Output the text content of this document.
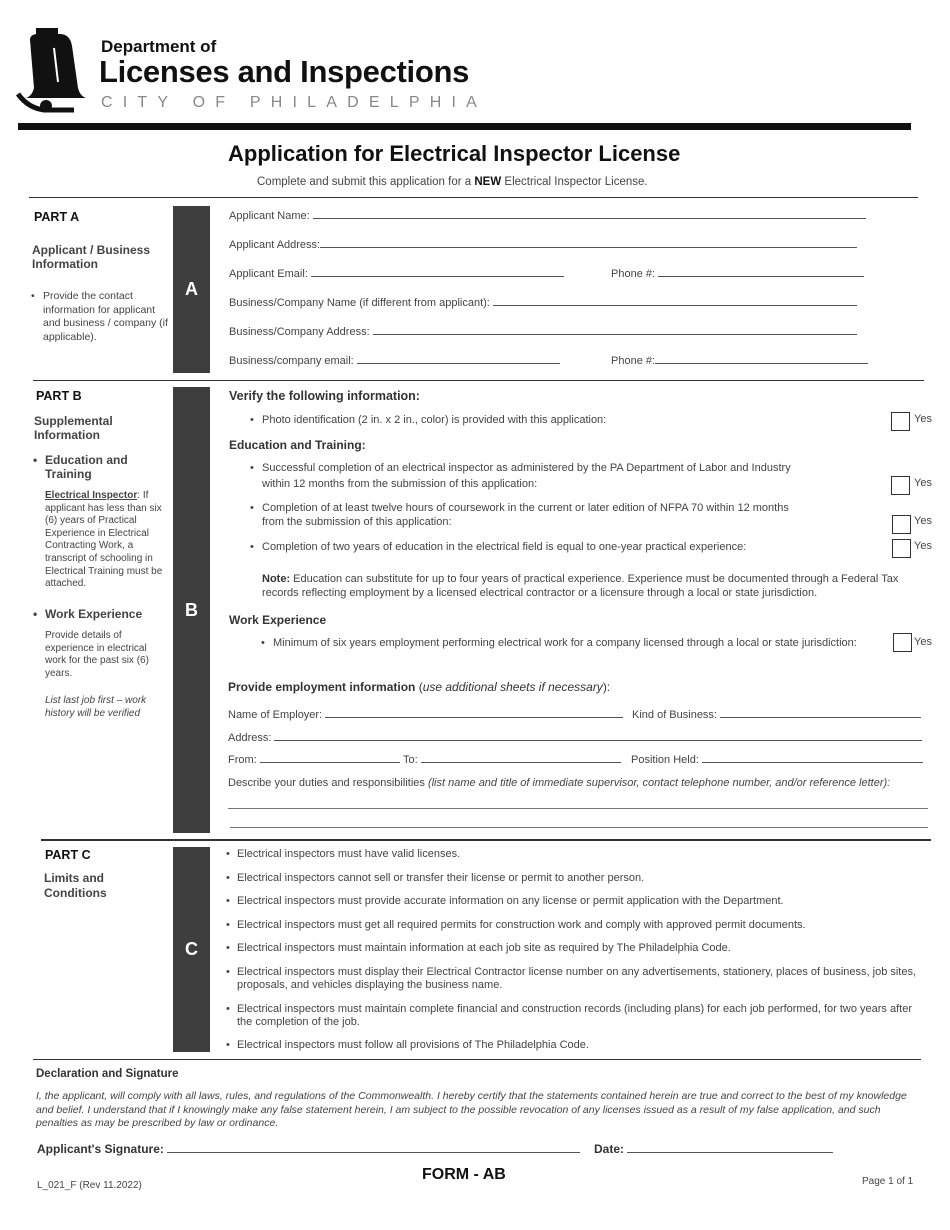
Department of
Licenses and Inspections
CITY OF PHILADELPHIA
Application for Electrical Inspector License
Complete and submit this application for a NEW Electrical Inspector License.
PART A
Applicant / Business Information
• Provide the contact information for applicant and business / company (if applicable).
A
Applicant Name:
Applicant Address:
Applicant Email:	Phone #:
Business/Company Name (if different from applicant):
Business/Company Address:
Business/company email:	Phone #:
PART B
Supplemental Information
• Education and Training
Electrical Inspector: If applicant has less than six (6) years of Practical Experience in Electrical Contracting Work, a transcript of schooling in Electrical Training must be attached.
• Work Experience
Provide details of experience in electrical work for the past six (6) years.
List last job first – work history will be verified
B
Verify the following information:
• Photo identification (2 in. x 2 in., color) is provided with this application:	Yes
Education and Training:
• Successful completion of an electrical inspector as administered by the PA Department of Labor and Industry
within 12 months from the submission of this application:	Yes
• Completion of at least twelve hours of coursework in the current or later edition of NFPA 70 within 12 months
from the submission of this application:	Yes
• Completion of two years of education in the electrical field is equal to one-year practical experience:	Yes
Note: Education can substitute for up to four years of practical experience. Experience must be documented through a Federal Tax records reflecting employment by a licensed electrical contractor or a licensure through a local or state jurisdiction.
Work Experience
• Minimum of six years employment performing electrical work for a company licensed through a local or state jurisdiction:	Yes
Provide employment information (use additional sheets if necessary):
Name of Employer:	Kind of Business:
Address:
From:	To:	Position Held:
Describe your duties and responsibilities (list name and title of immediate supervisor, contact telephone number, and/or reference letter):
PART C
Limits and Conditions
C
• Electrical inspectors must have valid licenses.
• Electrical inspectors cannot sell or transfer their license or permit to another person.
• Electrical inspectors must provide accurate information on any license or permit application with the Department.
• Electrical inspectors must get all required permits for construction work and comply with approved permit documents.
• Electrical inspectors must maintain information at each job site as required by The Philadelphia Code.
• Electrical inspectors must display their Electrical Contractor license number on any advertisements, stationery, places of business, job sites, proposals, and vehicles displaying the business name.
• Electrical inspectors must maintain complete financial and construction records (including plans) for each job performed, for two years after the completion of the job.
• Electrical inspectors must follow all provisions of The Philadelphia Code.
Declaration and Signature
I, the applicant, will comply with all laws, rules, and regulations of the Commonwealth. I hereby certify that the statements contained herein are true and correct to the best of my knowledge and belief. I understand that if I knowingly make any false statement herein, I am subject to the possible revocation of any licenses issued as a result of my false application, and such penalties as may be prescribed by law or ordinance.
Applicant's Signature:	Date:
L_021_F (Rev 11.2022)
FORM - AB	Page 1 of 1
